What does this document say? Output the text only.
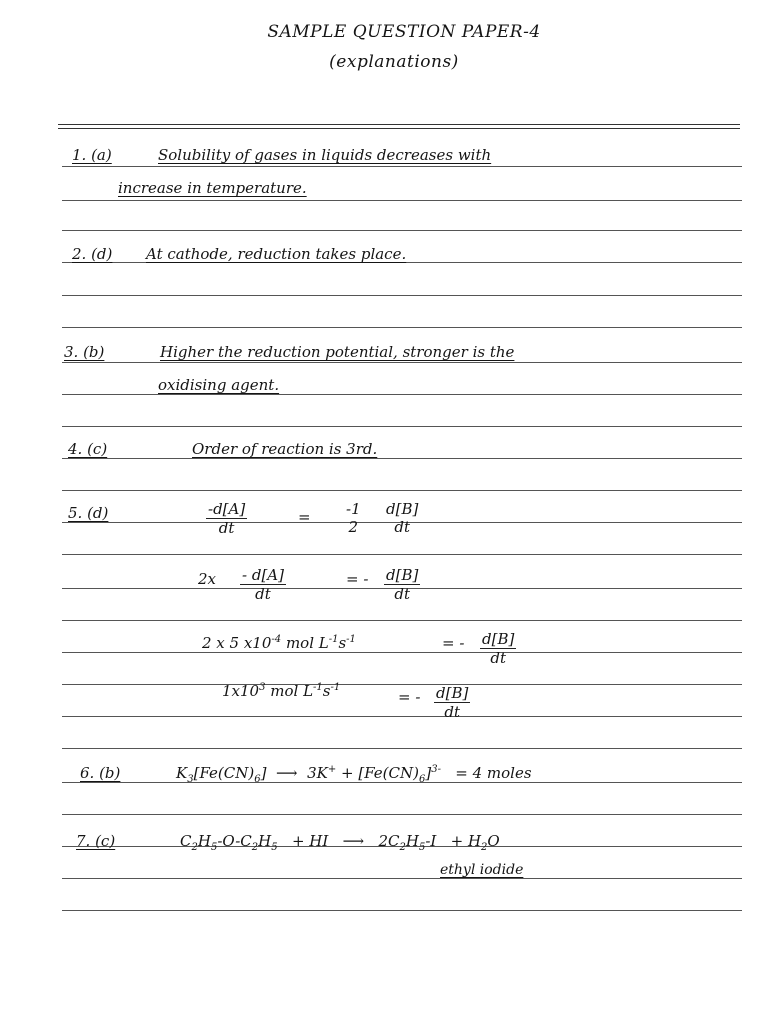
SAMPLE QUESTION PAPER-4
(explanations)
1. (a)	Solubility of gases in liquids decreases with
increase in temperature.
2. (d) At cathode, reduction takes place.
3. (b)	Higher the reduction potential, stronger is the
oxidising agent.
4. (c)	Order of reaction is 3rd.
5. (d)	$\frac{-d[A]}{dt}$	= -1
2
d[B]
dt
$2x \frac{- d[A]}{dt}$	= - $\frac{d[B]}{dt}$
2 x 5 $x10^{-4}$ mol $L^{-1}s^{-1}$	= - $\frac{d[B]}{dt}$
$1x10^3$ mol $L^{-1}s^{-1}$
= - $\frac{d[B]}{dt}$
6. (b)	$K_3[Fe(CN)_6]$ ⟶ $3K^+ + [Fe(CN)_6]^{3-} = 4$ moles
7. (c)	$C_2H_5-O-C_2H_5$ + HI ⟶ $2C_2H_5-I + H_2O$
ethyl iodide
